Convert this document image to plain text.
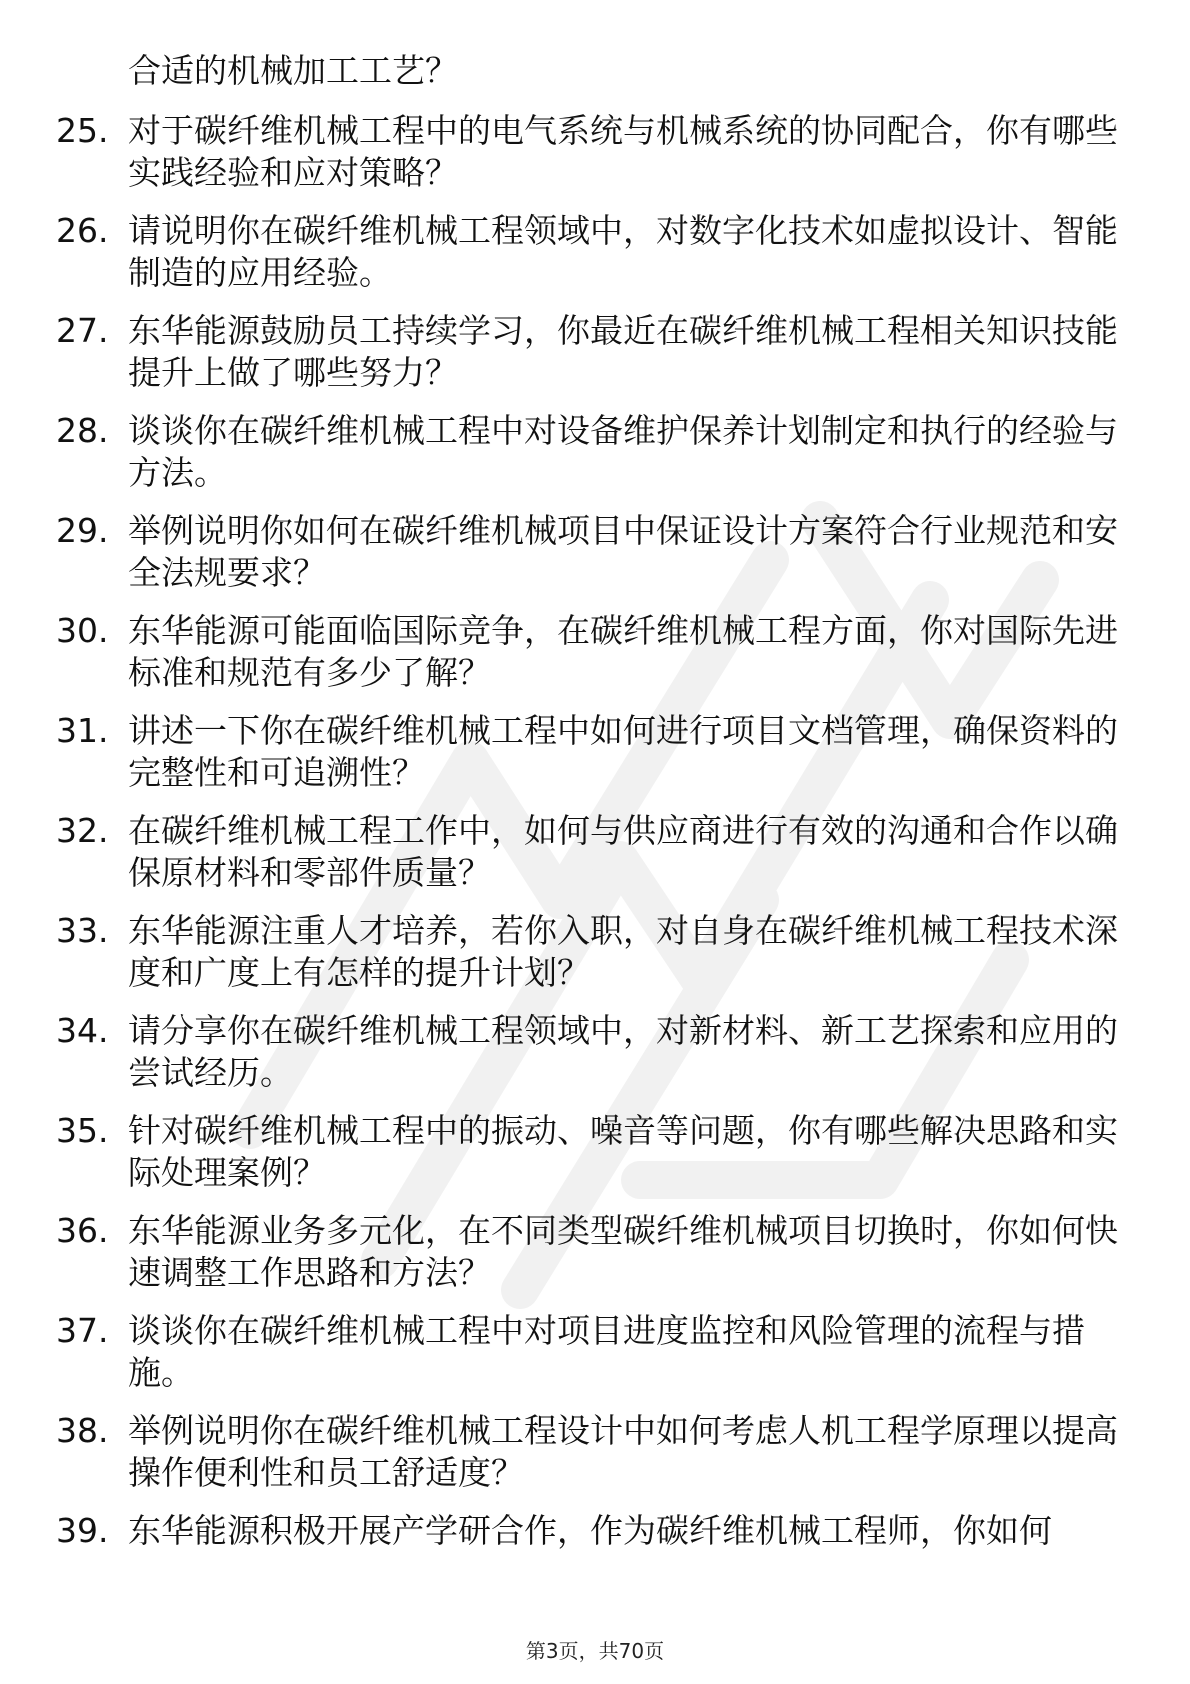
合适的机械加工工艺？
25. 对于碳纤维机械工程中的电气系统与机械系统的协同配合，你有哪些实践经验和应对策略？
26. 请说明你在碳纤维机械工程领域中，对数字化技术如虚拟设计、智能制造的应用经验。
27. 东华能源鼓励员工持续学习，你最近在碳纤维机械工程相关知识技能提升上做了哪些努力？
28. 谈谈你在碳纤维机械工程中对设备维护保养计划制定和执行的经验与方法。
29. 举例说明你如何在碳纤维机械项目中保证设计方案符合行业规范和安全法规要求？
30. 东华能源可能面临国际竞争，在碳纤维机械工程方面，你对国际先进标准和规范有多少了解？
31. 讲述一下你在碳纤维机械工程中如何进行项目文档管理，确保资料的完整性和可追溯性？
32. 在碳纤维机械工程工作中，如何与供应商进行有效的沟通和合作以确保原材料和零部件质量？
33. 东华能源注重人才培养，若你入职，对自身在碳纤维机械工程技术深度和广度上有怎样的提升计划？
34. 请分享你在碳纤维机械工程领域中，对新材料、新工艺探索和应用的尝试经历。
35. 针对碳纤维机械工程中的振动、噪音等问题，你有哪些解决思路和实际处理案例？
36. 东华能源业务多元化，在不同类型碳纤维机械项目切换时，你如何快速调整工作思路和方法？
37. 谈谈你在碳纤维机械工程中对项目进度监控和风险管理的流程与措施。
38. 举例说明你在碳纤维机械工程设计中如何考虑人机工程学原理以提高操作便利性和员工舒适度？
39. 东华能源积极开展产学研合作，作为碳纤维机械工程师，你如何
第3页，共70页
